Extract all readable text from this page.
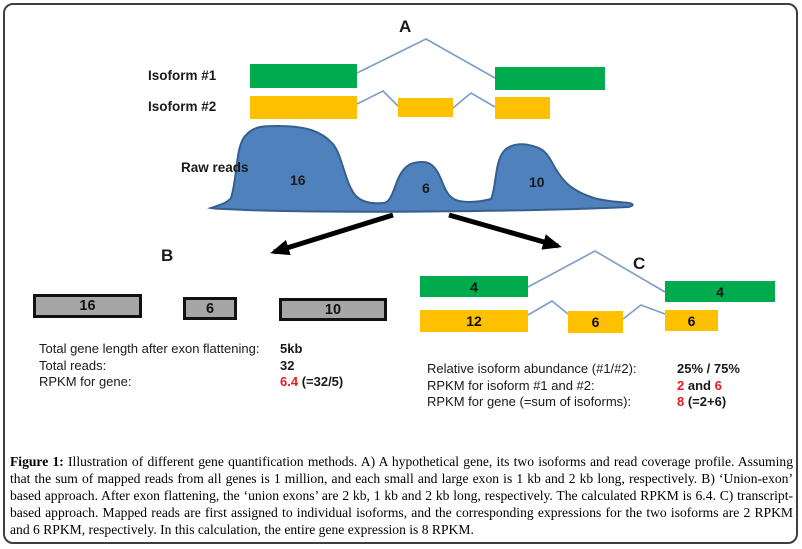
A
Isoform #1
Isoform #2
Raw reads
16	6	10
B
16	6	10
Total gene length after exon flattening: 5kb
Total reads:	32
RPKM for gene:	6.4 (=32/5)
C
4	4
12	6	6
Relative isoform abundance (#1/#2):	25% / 75%
RPKM for isoform #1 and #2:	2 and 6
RPKM for gene (=sum of isoforms):	8 (=2+6)

Figure 1: Illustration of different gene quantification methods. A) A hypothetical gene, its two isoforms and read coverage profile. Assuming that the sum of mapped reads from all genes is 1 million, and each small and large exon is 1 kb and 2 kb long, respectively. B) ‘Union-exon’ based approach. After exon flattening, the ‘union exons’ are 2 kb, 1 kb and 2 kb long, respectively. The calculated RPKM is 6.4. C) transcript-based approach. Mapped reads are first assigned to individual isoforms, and the corresponding expressions for the two isoforms are 2 RPKM and 6 RPKM, respectively. In this calculation, the entire gene expression is 8 RPKM.
